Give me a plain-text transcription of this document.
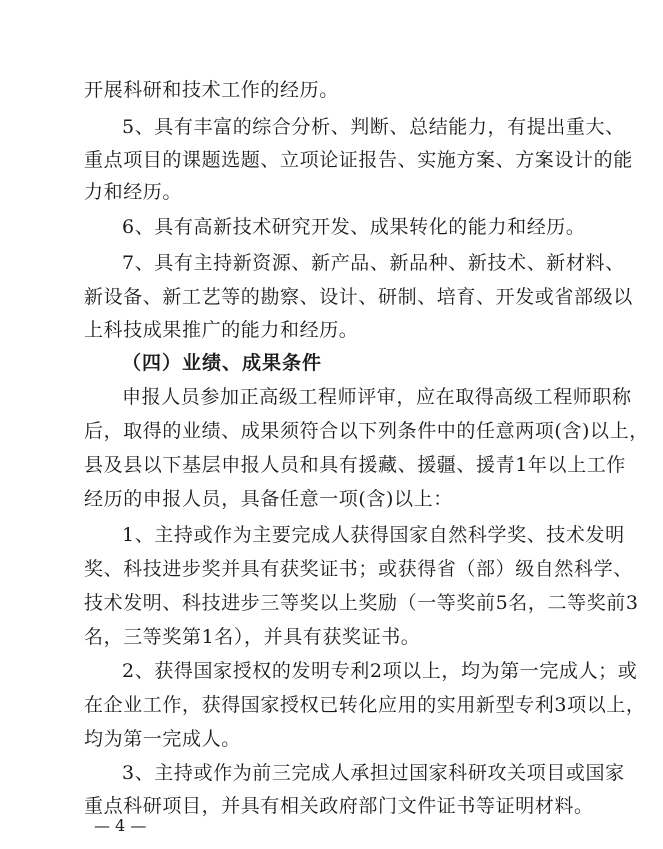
开展科研和技术工作的经历。
5、具有丰富的综合分析、判断、总结能力，有提出重大、
重点项目的课题选题、立项论证报告、实施方案、方案设计的能
力和经历。
6、具有高新技术研究开发、成果转化的能力和经历。
7、具有主持新资源、新产品、新品种、新技术、新材料、
新设备、新工艺等的勘察、设计、研制、培育、开发或省部级以
上科技成果推广的能力和经历。
（四）业绩、成果条件
申报人员参加正高级工程师评审，应在取得高级工程师职称
后，取得的业绩、成果须符合以下列条件中的任意两项(含)以上，
县及县以下基层申报人员和具有援藏、援疆、援青1年以上工作
经历的申报人员，具备任意一项(含)以上：
1、主持或作为主要完成人获得国家自然科学奖、技术发明
奖、科技进步奖并具有获奖证书；或获得省（部）级自然科学、
技术发明、科技进步三等奖以上奖励（一等奖前5名，二等奖前3
名，三等奖第1名），并具有获奖证书。
2、获得国家授权的发明专利2项以上，均为第一完成人；或
在企业工作，获得国家授权已转化应用的实用新型专利3项以上，
均为第一完成人。
3、主持或作为前三完成人承担过国家科研攻关项目或国家
重点科研项目，并具有相关政府部门文件证书等证明材料。
— 4 —
